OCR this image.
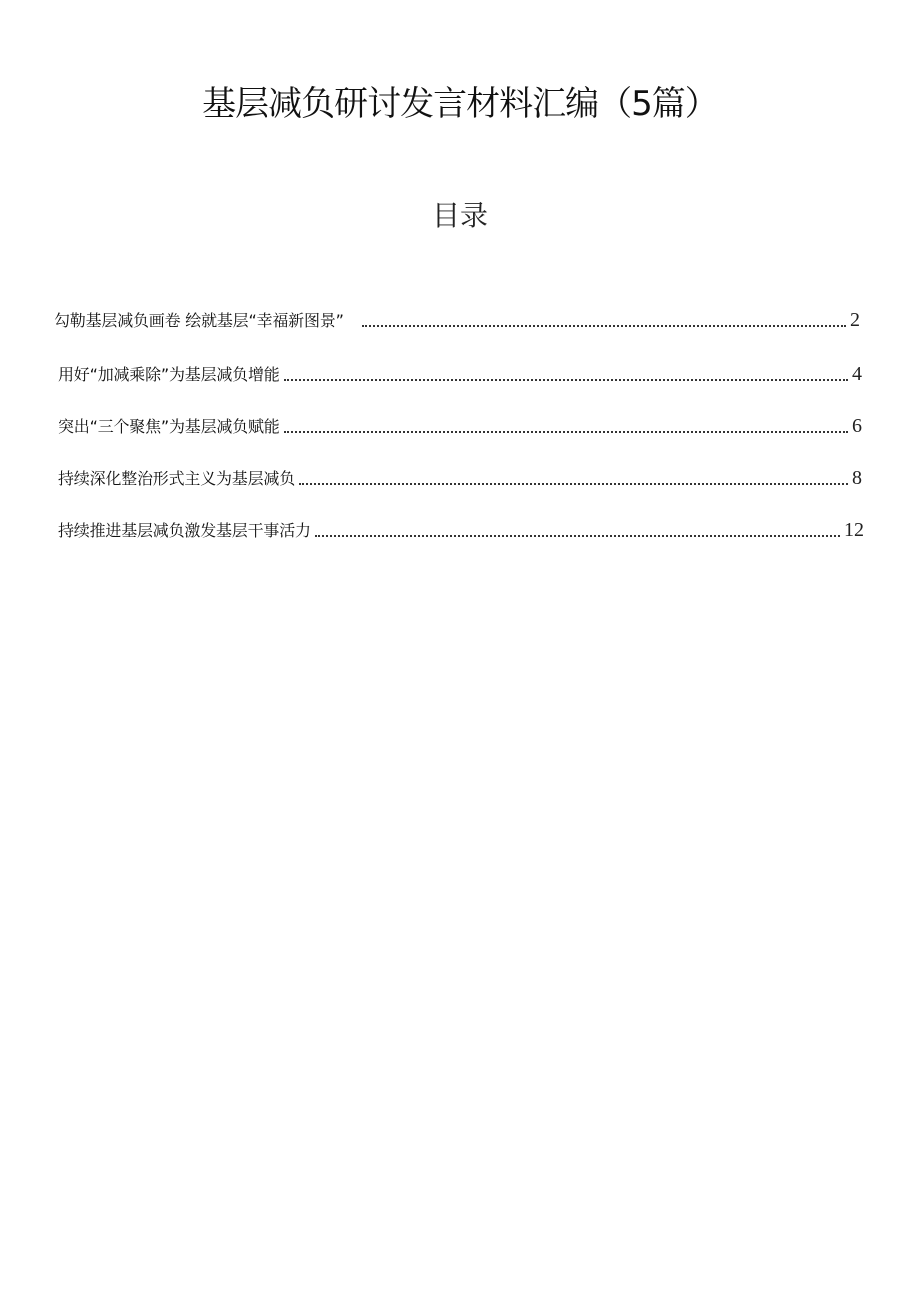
基层减负研讨发言材料汇编（5篇）
目录
勾勒基层减负画卷 绘就基层“幸福新图景”	2
用好“加减乘除”为基层减负增能	4
突出“三个聚焦”为基层减负赋能	6
持续深化整治形式主义为基层减负	8
持续推进基层减负激发基层干事活力	12
